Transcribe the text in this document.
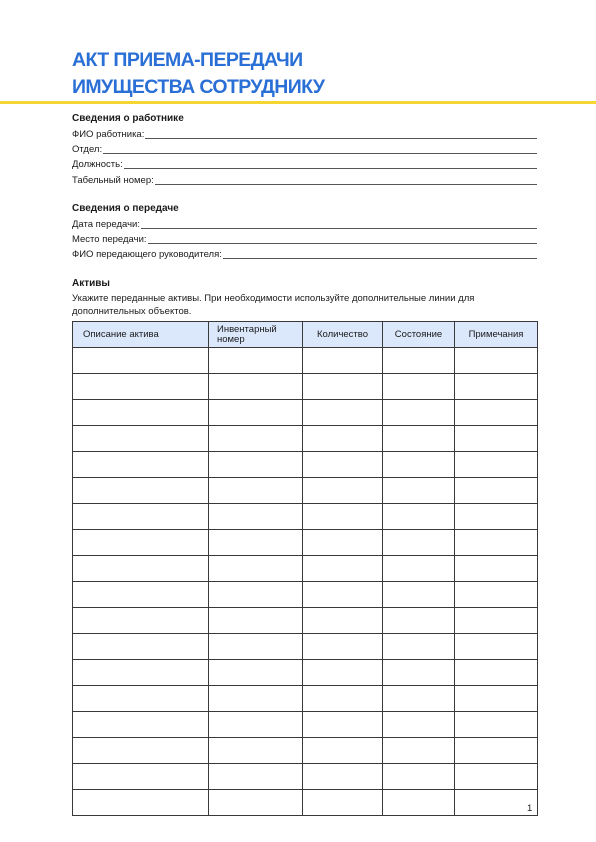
АКТ ПРИЕМА-ПЕРЕДАЧИ
ИМУЩЕСТВА СОТРУДНИКУ
Сведения о работнике
ФИО работника:
Отдел:
Должность:
Табельный номер:
Сведения о передаче
Дата передачи:
Место передачи:
ФИО передающего руководителя:
Активы
Укажите переданные активы. При необходимости используйте дополнительные линии для дополнительных объектов.
Описание актива	Инвентарный номер	Количество	Состояние	Примечания

1
